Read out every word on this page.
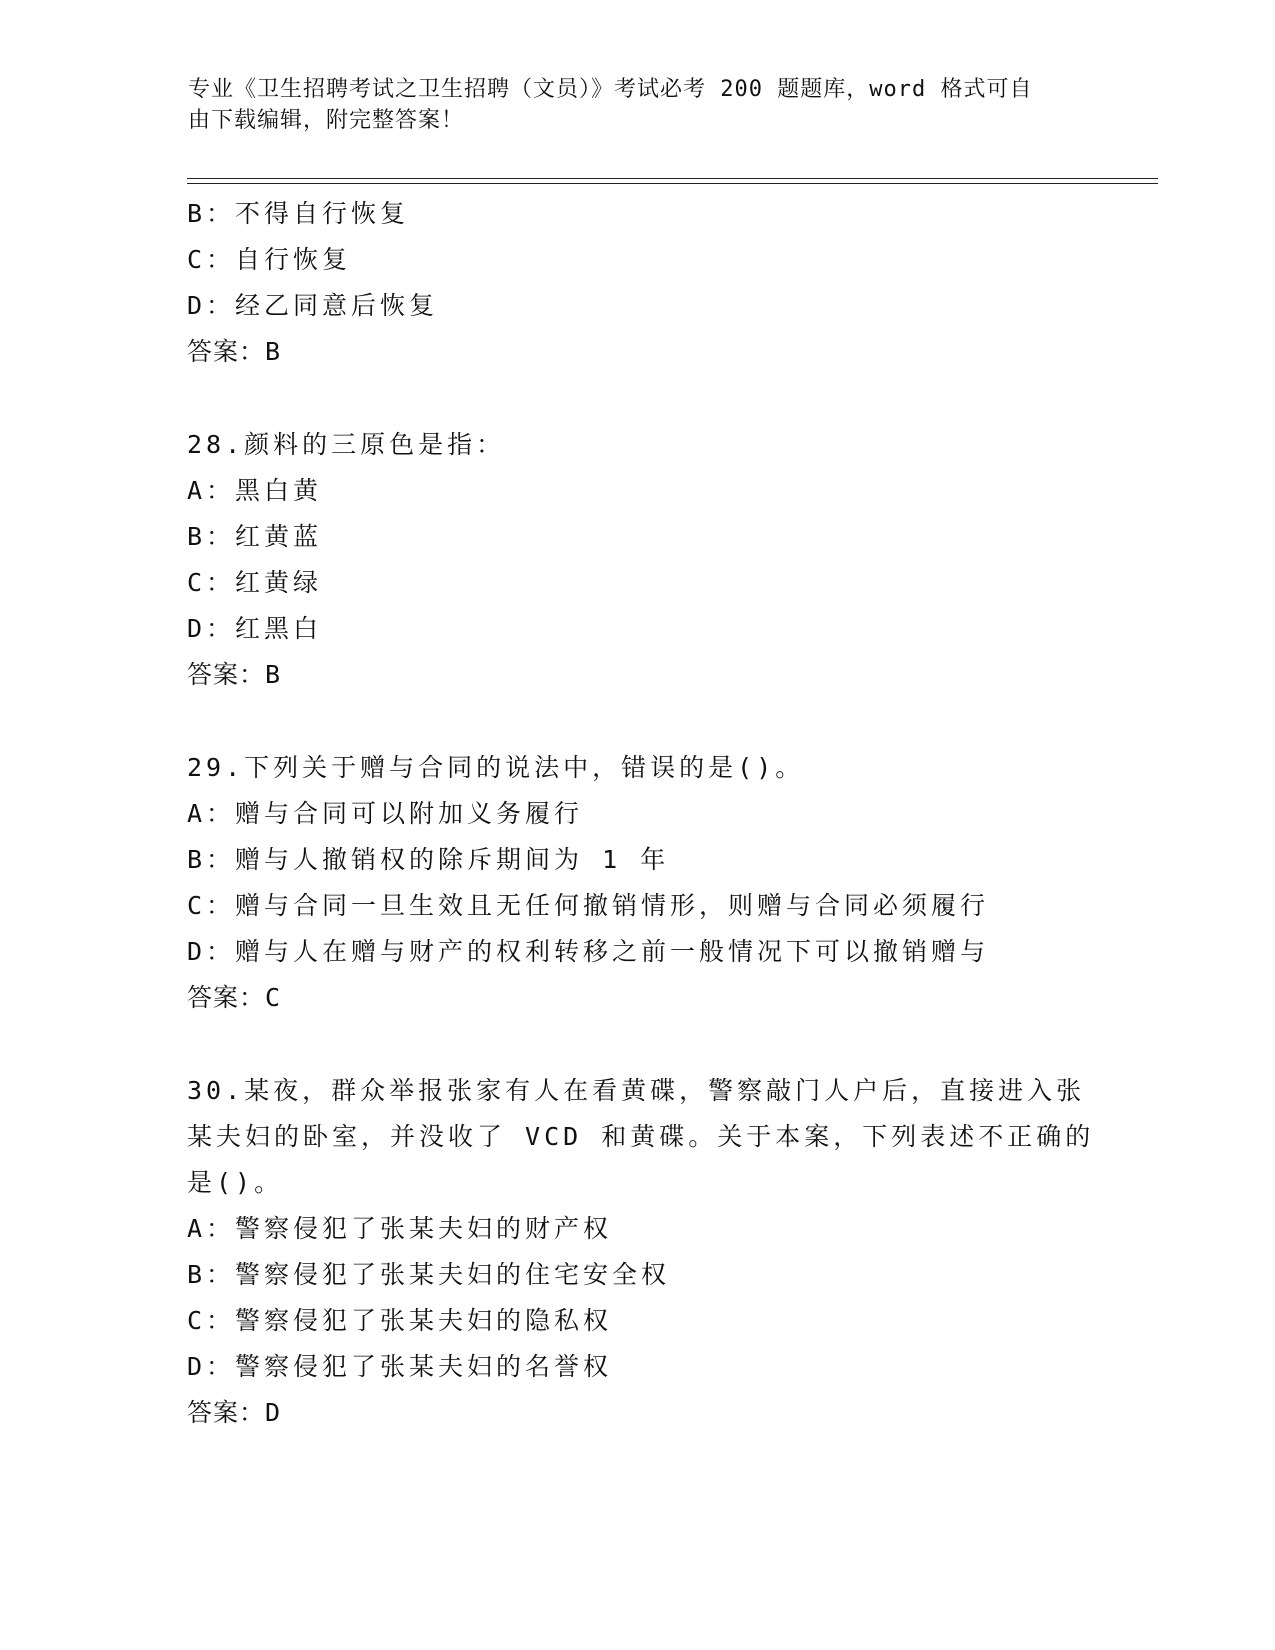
专业《卫生招聘考试之卫生招聘（文员）》考试必考 200 题题库，word 格式可自
由下载编辑，附完整答案！
B：不得自行恢复
C：自行恢复
D：经乙同意后恢复
答案：B
28.颜料的三原色是指：
A：黑白黄
B：红黄蓝
C：红黄绿
D：红黑白
答案：B
29.下列关于赠与合同的说法中，错误的是()。
A：赠与合同可以附加义务履行
B：赠与人撤销权的除斥期间为 1 年
C：赠与合同一旦生效且无任何撤销情形，则赠与合同必须履行
D：赠与人在赠与财产的权利转移之前一般情况下可以撤销赠与
答案：C
30.某夜，群众举报张家有人在看黄碟，警察敲门人户后，直接进入张
某夫妇的卧室，并没收了 VCD 和黄碟。关于本案，下列表述不正确的
是()。
A：警察侵犯了张某夫妇的财产权
B：警察侵犯了张某夫妇的住宅安全权
C：警察侵犯了张某夫妇的隐私权
D：警察侵犯了张某夫妇的名誉权
答案：D
